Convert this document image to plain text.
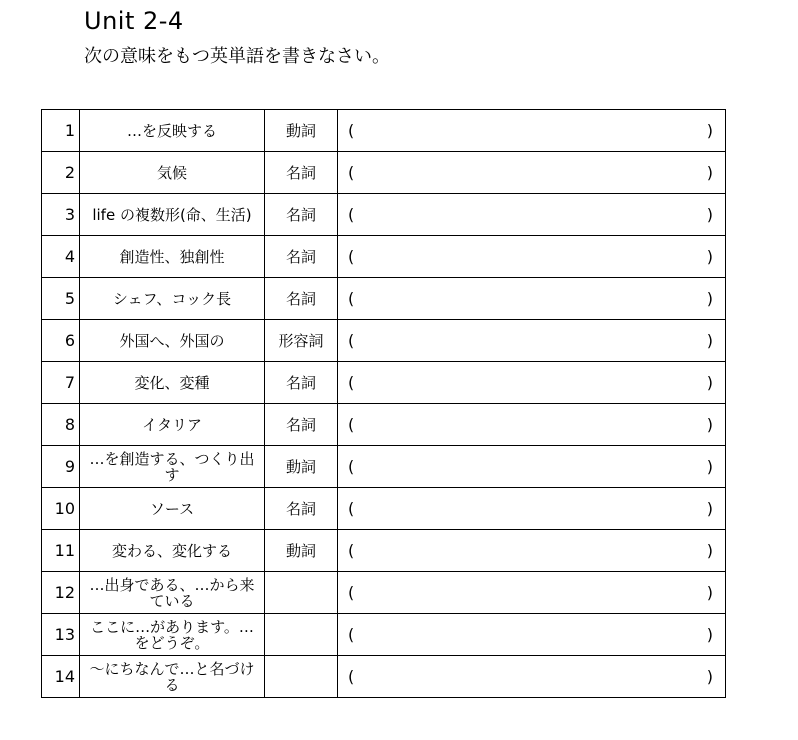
Unit 2-4

次の意味をもつ英単語を書きなさい。

1	…を反映する	動詞	( )

2	気候	名詞	( )

3	life の複数形(命、生活)	名詞	( )

4	創造性、独創性	名詞	( )

5	シェフ、コック長	名詞	( )

6	外国へ、外国の	形容詞	( )

7	変化、変種	名詞	( )

8	イタリア	名詞	( )

9	…を創造する、つくり出す	動詞	( )

10	ソース	名詞	( )

11	変わる、変化する	動詞	( )

12	…出身である、…から来ている		( )

13	ここに…があります。…をどうぞ。		( )

14	～にちなんで…と名づける		( )
